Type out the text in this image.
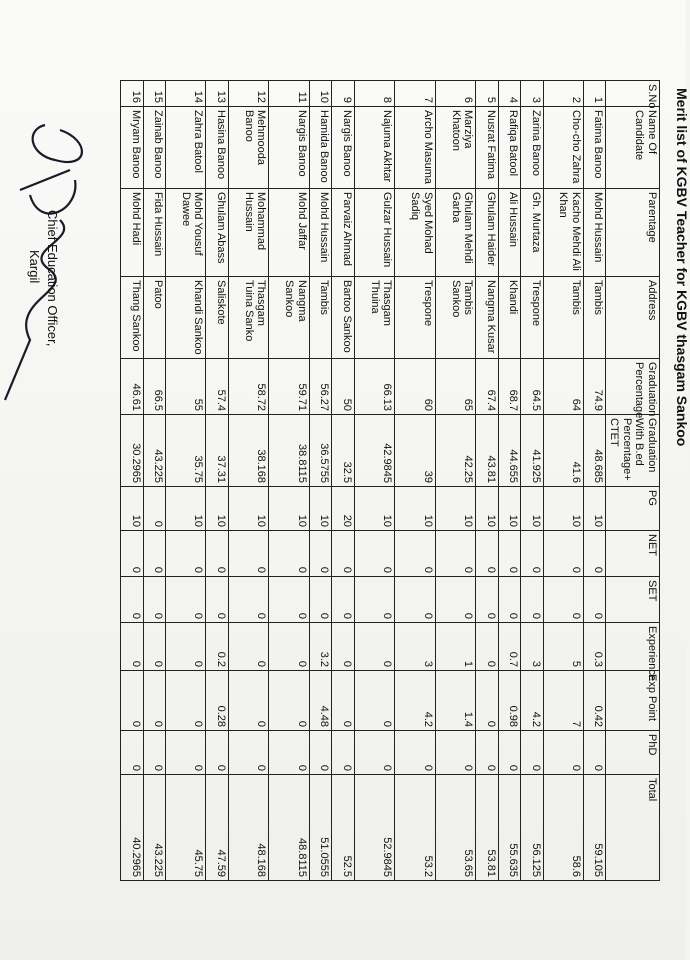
Merit list of KGBV Teacher for KGBV thasgam Sankoo
S.No	Name Of Candidate	Parentage	Address	Graduation Percentage	Graduation With B.ed Percentage+ CTET	PG	NET	SET	Experience	Exp Point	PhD	Total
1	Fatima Banoo	Mohd Hussain	Tambis	74.9	48.685	10	0	0	0.3	0.42	0	59.105
2	Cho-cho Zahra	Kacho Mehdi Ali Khan	Tambis	64	41.6	10	0	0	5	7	0	58.6
3	Zarina Banoo	Gh. Murtaza	Trespone	64.5	41.925	10	0	0	3	4.2	0	56.125
4	Rafiqa Batool	Ali Hussain	Khandi	68.7	44.655	10	0	0	0.7	0.98	0	55.635
5	Nusrat Fatima	Ghulam Haider	Nangma Kusar	67.4	43.81	10	0	0	0	0	0	53.81
6	Marziya Khatoon	Ghulam Mehdi Garba	Tambis Sankoo	65	42.25	10	0	0	1	1.4	0	53.65
7	Archo Masuma	Syed Mohad Sadiq	Trespone	60	39	10	0	0	3	4.2	0	53.2
8	Najuma Akhtar	Gulzar Hussain	Thasgam Thuina	66.13	42.9845	10	0	0	0	0	0	52.9845
9	Nargis Banoo	Parvaiz Ahmad	Bartoo Sankoo	50	32.5	20	0	0	0	0	0	52.5
10	Hamida Banoo	Mohd Hussain	Tambis	56.27	36.5755	10	0	0	3.2	4.48	0	51.0555
11	Nargis Banoo	Mohd Jaffar	Nangma Sankoo	59.71	38.8115	10	0	0	0	0	0	48.8115
12	Mehmooda Banoo	Mohammad Hussain	Thasgam Tuina Sanko	58.72	38.168	10	0	0	0	0	0	48.168
13	Hasina Banoo	Ghulam Abass	Saliskote	57.4	37.31	10	0	0	0.2	0.28	0	47.59
14	Zahra Batool	Mohd Yousuf Dawee	Khandi Sankoo	55	35.75	10	0	0	0	0	0	45.75
15	Zainab Banoo	Fida Hussain	Patoo	66.5	43.225	0	0	0	0	0	0	43.225
16	Mryam Banoo	Mohd Hadi	Thang Sankoo	46.61	30.2965	10	0	0	0	0	0	40.2965
Chief Education Officer,
Kargil
